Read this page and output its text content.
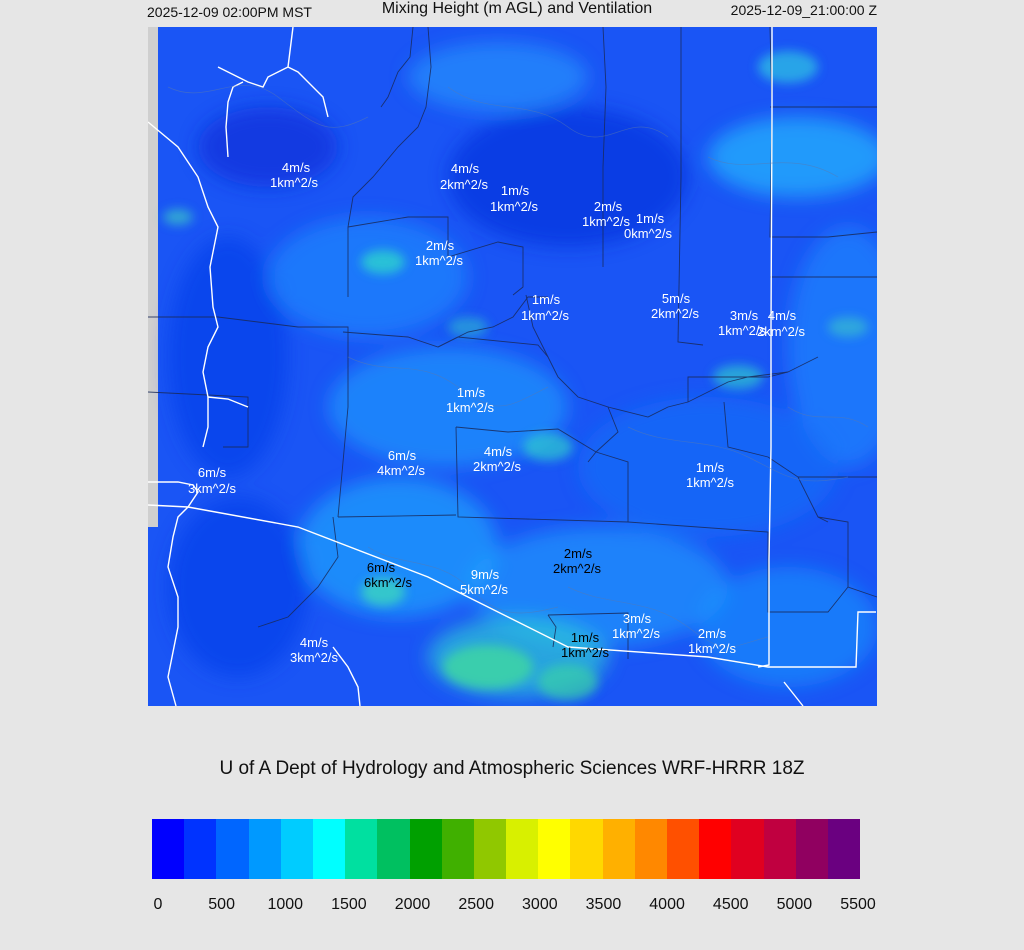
2025-12-09 02:00PM MST	Mixing Height (m AGL) and Ventilation	2025-12-09_21:00:00 Z
4m/s
1km^2/s
4m/s
2km^2/s 1m/s
1km^2/s	2m/s
1km^2/s 1m/s
0km^2/s
2m/s
1km^2/s
1m/s
1km^2/s
5m/s
2km^2/s 3m/s
1km^2/s
4m/s
2km^2/s
1m/s
1km^2/s
6m/s
4km^2/s
4m/s
2km^2/s
6m/s
3km^2/s
1m/s
1km^2/s
2m/s
2km^2/s
6m/s
6km^2/s
9m/s
5km^2/s
3m/s
1km^2/s
1m/s
1km^2/s
2m/s
1km^2/s
4m/s
3km^2/s
U of A Dept of Hydrology and Atmospheric Sciences WRF-HRRR 18Z
0	500 1000 1500 2000 2500 3000 3500 4000 4500 5000 5500
